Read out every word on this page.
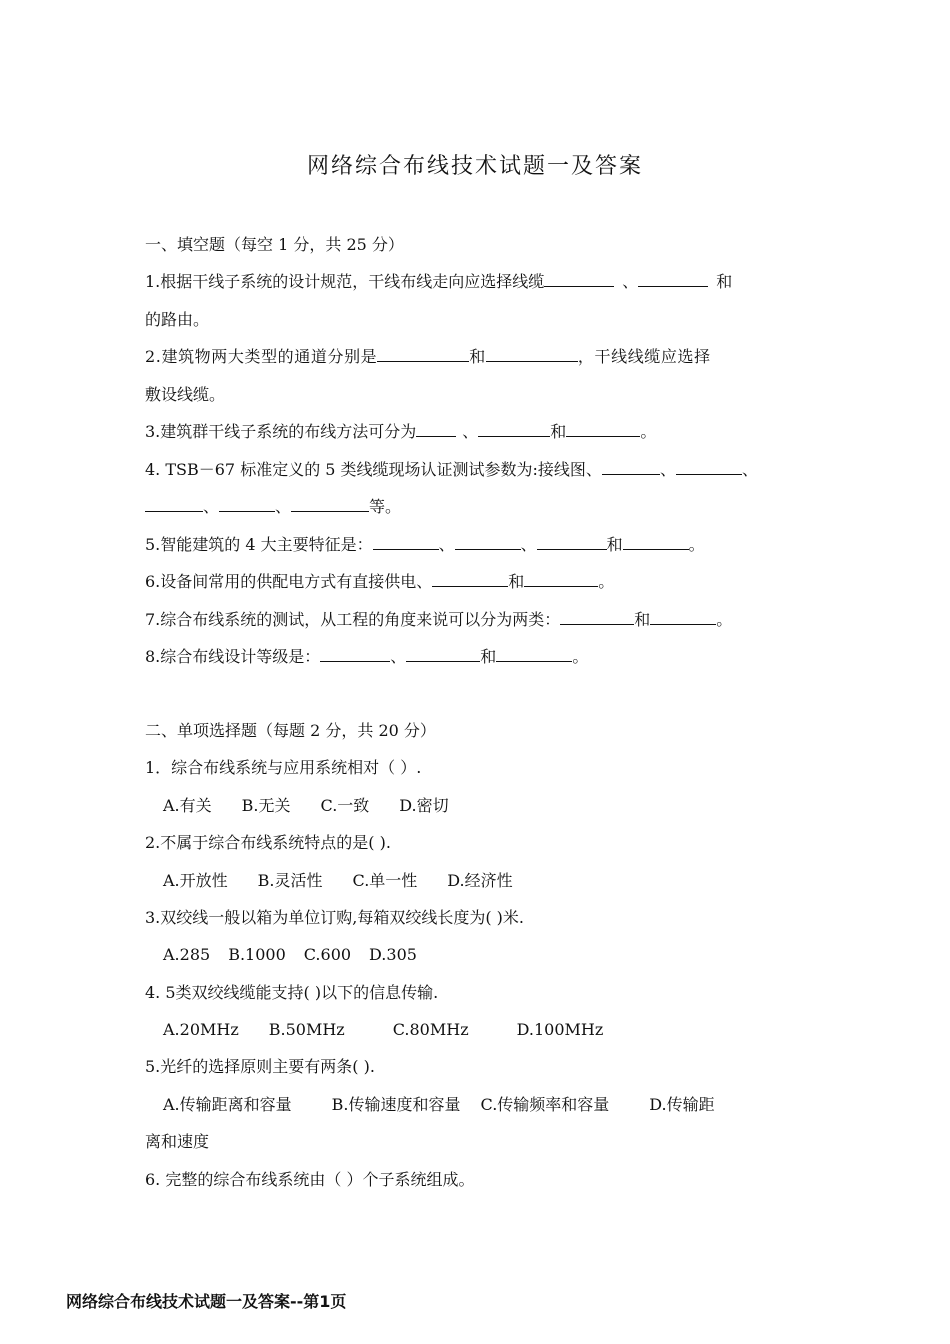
网络综合布线技术试题一及答案
一、填空题（每空 1 分，共 25 分）
1.根据干线子系统的设计规范，干线布线走向应选择线缆	、	和
的路由。
2.建筑物两大类型的通道分别是	和	，干线线缆应选择
敷设线缆。
3.建筑群干线子系统的布线方法可分为	、	和	。
4. TSB－67 标准定义的 5 类线缆现场认证测试参数为:接线图、	、	、
、	、	等。
5.智能建筑的 4 大主要特征是：	、	、	和	。
6.设备间常用的供配电方式有直接供电、	和	。
7.综合布线系统的测试，从工程的角度来说可以分为两类：	和	。
8.综合布线设计等级是：	、	和	。
二、单项选择题（每题 2 分，共 20 分）
1．综合布线系统与应用系统相对（ ）.
A.有关 B.无关 C.一致 D.密切
2.不属于综合布线系统特点的是( ).
A.开放性 B.灵活性 C.单一性 D.经济性
3.双绞线一般以箱为单位订购,每箱双绞线长度为( )米.
A.285 B.1000 C.600 D.305
4. 5类双绞线缆能支持( )以下的信息传输.
A.20MHz B.50MHz	C.80MHz	D.100MHz
5.光纤的选择原则主要有两条( ).
A.传输距离和容量	B.传输速度和容量 C.传输频率和容量	D.传输距
离和速度
6. 完整的综合布线系统由（ ）个子系统组成。
网络综合布线技术试题一及答案--第1页
